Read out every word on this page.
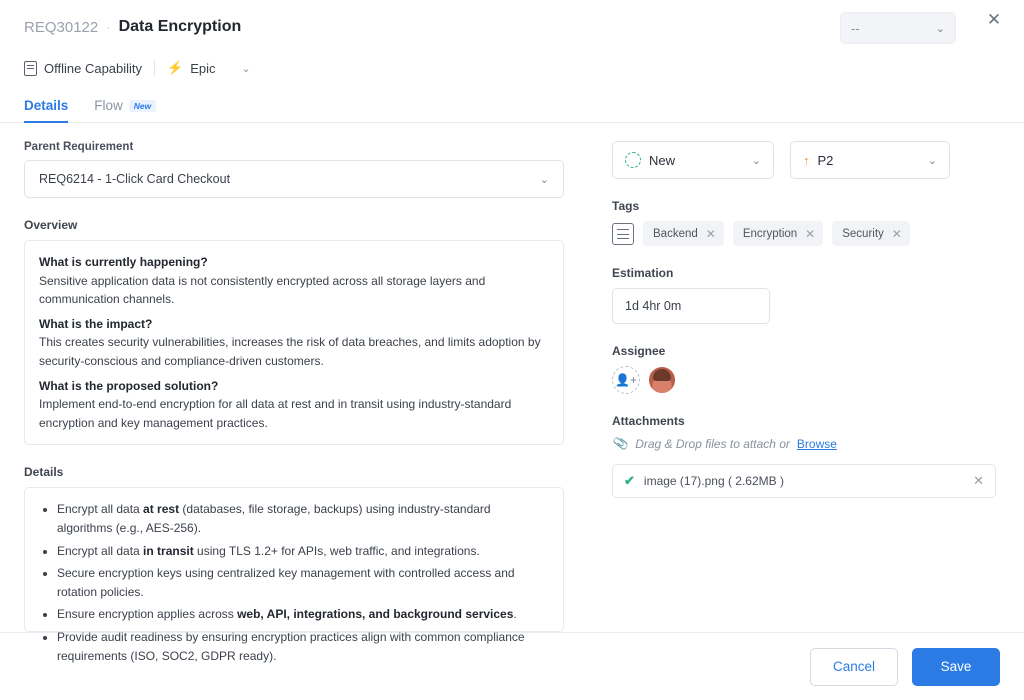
REQ30122 · Data Encryption
Offline Capability ⚡ Epic	⌄
--	⌄	✕
Details Flow	New
Parent Requirement
REQ6214 - 1-Click Card Checkout	⌄
Overview

What is currently happening?

Sensitive application data is not consistently encrypted across all storage layers and communication channels.

What is the impact?

This creates security vulnerabilities, increases the risk of data breaches, and limits adoption by security-conscious and compliance-driven customers.

What is the proposed solution?

Implement end-to-end encryption for all data at rest and in transit using industry-standard encryption and key management practices.

Details
• Encrypt all data at rest (databases, file storage, backups) using industry-standard algorithms (e.g., AES-256).
• Encrypt all data in transit using TLS 1.2+ for APIs, web traffic, and integrations.
• Secure encryption keys using centralized key management with controlled access and rotation policies.
• Ensure encryption applies across web, API, integrations, and background services.
• Provide audit readiness by ensuring encryption practices align with common compliance requirements (ISO, SOC2, GDPR ready).
New	⌄	↑ P2	⌄
Tags
Backend ✕ Encryption ✕ Security ✕
Estimation
1d 4hr 0m
Assignee
👤+
Attachments
📎 Drag & Drop files to attach or Browse
✔ image (17).png ( 2.62MB )	✕
Cancel	Save
